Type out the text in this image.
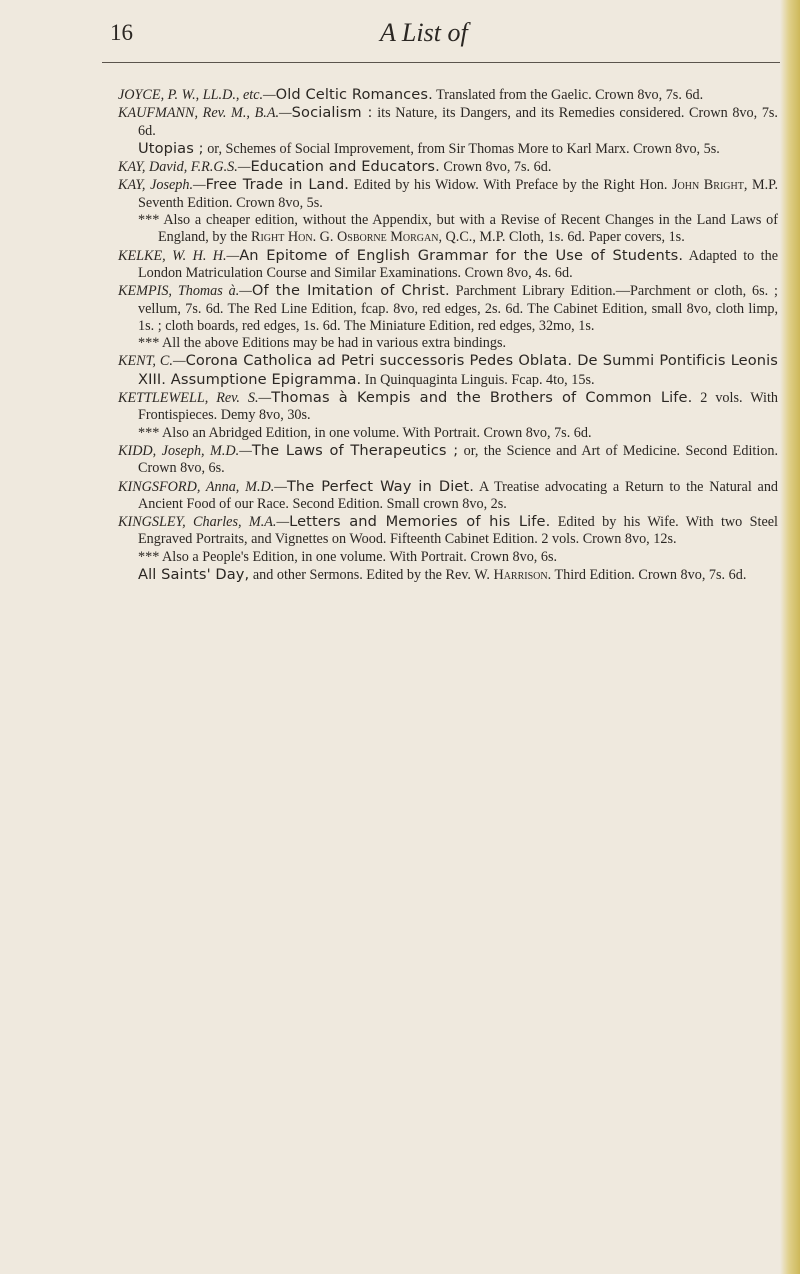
16	A List of

JOYCE, P. W., LL.D., etc.—Old Celtic Romances. Translated from the Gaelic. Crown 8vo, 7s. 6d.

KAUFMANN, Rev. M., B.A.—Socialism : its Nature, its Dangers, and its Remedies considered. Crown 8vo, 7s. 6d.

Utopias ; or, Schemes of Social Improvement, from Sir Thomas More to Karl Marx. Crown 8vo, 5s.

KAY, David, F.R.G.S.—Education and Educators. Crown 8vo, 7s. 6d.

KAY, Joseph.—Free Trade in Land. Edited by his Widow. With Preface by the Right Hon. John Bright, M.P. Seventh Edition. Crown 8vo, 5s.

*** Also a cheaper edition, without the Appendix, but with a Revise of Recent Changes in the Land Laws of England, by the Right Hon. G. Osborne Morgan, Q.C., M.P. Cloth, 1s. 6d. Paper covers, 1s.

KELKE, W. H. H.—An Epitome of English Grammar for the Use of Students. Adapted to the London Matriculation Course and Similar Examinations. Crown 8vo, 4s. 6d.

KEMPIS, Thomas à.—Of the Imitation of Christ. Parchment Library Edition.—Parchment or cloth, 6s. ; vellum, 7s. 6d. The Red Line Edition, fcap. 8vo, red edges, 2s. 6d. The Cabinet Edition, small 8vo, cloth limp, 1s. ; cloth boards, red edges, 1s. 6d. The Miniature Edition, red edges, 32mo, 1s.

*** All the above Editions may be had in various extra bindings.

KENT, C.—Corona Catholica ad Petri successoris Pedes Oblata. De Summi Pontificis Leonis XIII. Assumptione Epigramma. In Quinquaginta Linguis. Fcap. 4to, 15s.

KETTLEWELL, Rev. S.—Thomas à Kempis and the Brothers of Common Life. 2 vols. With Frontispieces. Demy 8vo, 30s.

*** Also an Abridged Edition, in one volume. With Portrait. Crown 8vo, 7s. 6d.

KIDD, Joseph, M.D.—The Laws of Therapeutics ; or, the Science and Art of Medicine. Second Edition. Crown 8vo, 6s.

KINGSFORD, Anna, M.D.—The Perfect Way in Diet. A Treatise advocating a Return to the Natural and Ancient Food of our Race. Second Edition. Small crown 8vo, 2s.

KINGSLEY, Charles, M.A.—Letters and Memories of his Life. Edited by his Wife. With two Steel Engraved Portraits, and Vignettes on Wood. Fifteenth Cabinet Edition. 2 vols. Crown 8vo, 12s.

*** Also a People's Edition, in one volume. With Portrait. Crown 8vo, 6s.

All Saints' Day, and other Sermons. Edited by the Rev. W. Harrison. Third Edition. Crown 8vo, 7s. 6d.
